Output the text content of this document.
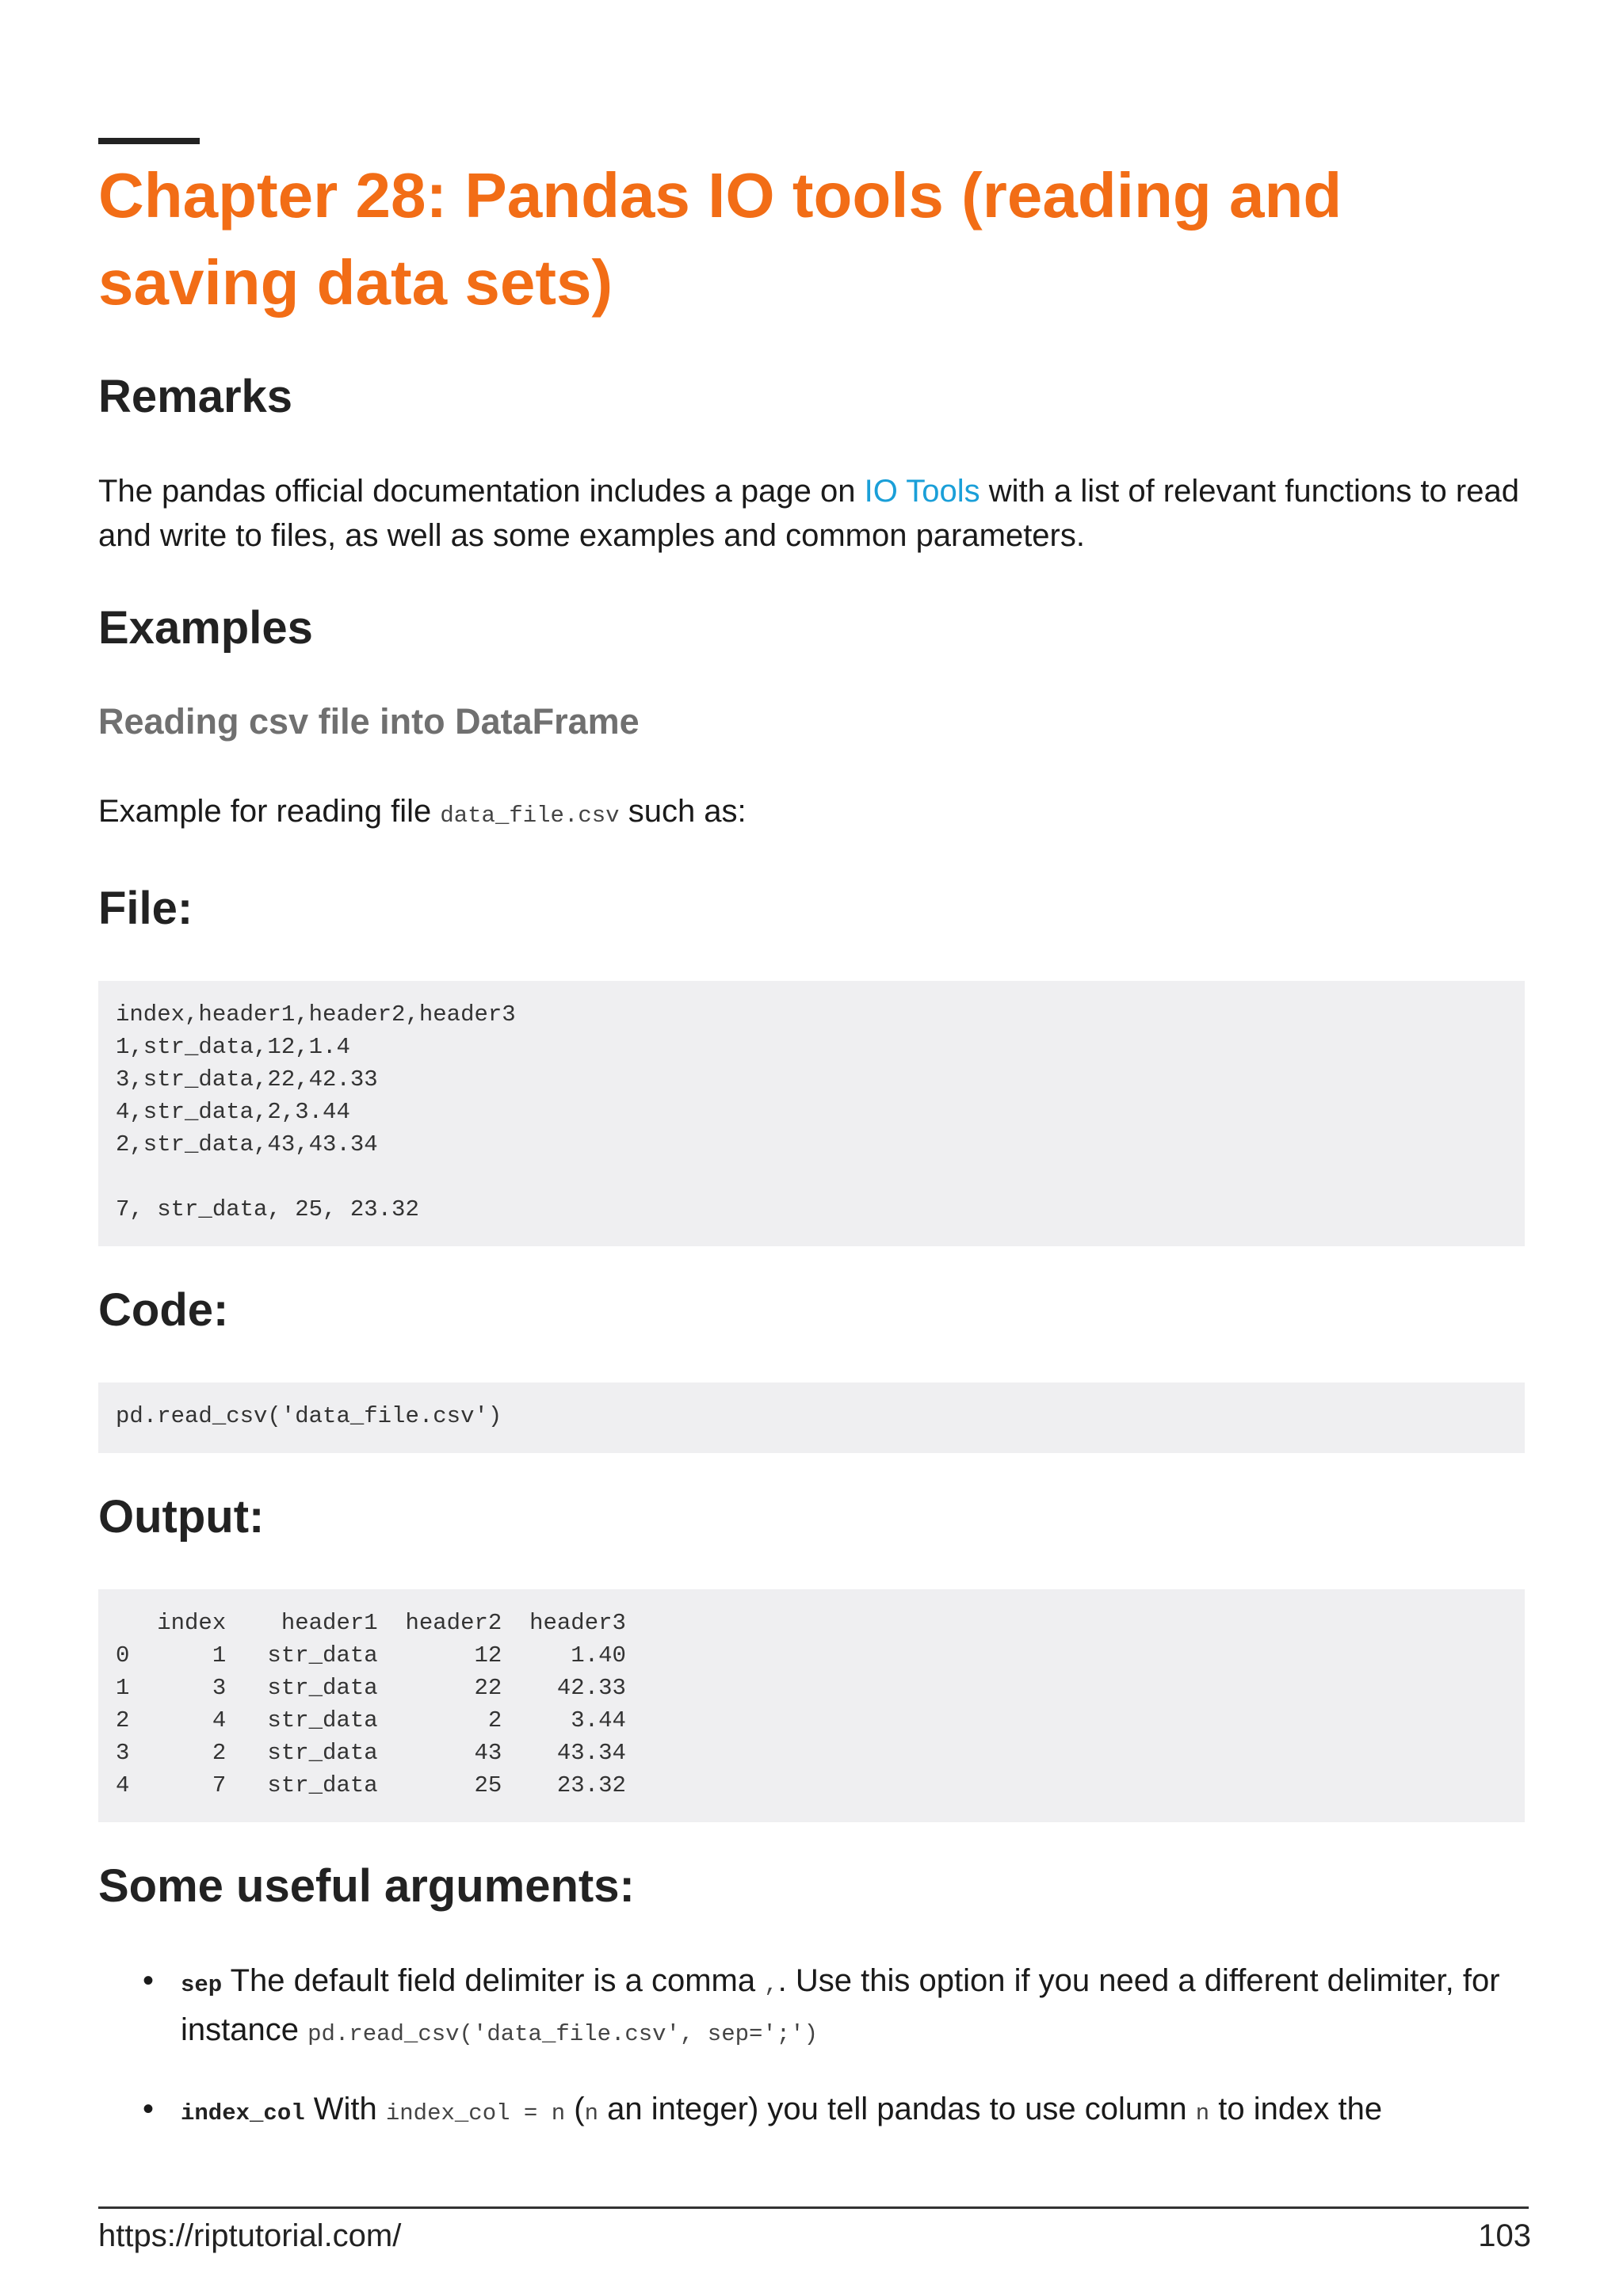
Chapter 28: Pandas IO tools (reading and saving data sets)
Remarks

The pandas official documentation includes a page on IO Tools with a list of relevant functions to read and write to files, as well as some examples and common parameters.

Examples
Reading csv file into DataFrame

Example for reading file data_file.csv such as:

File:
index,header1,header2,header3
1,str_data,12,1.4
3,str_data,22,42.33
4,str_data,2,3.44
2,str_data,43,43.34

7, str_data, 25, 23.32
Code:
pd.read_csv('data_file.csv')
Output:
index    header1  header2  header3
0      1   str_data       12     1.40
1      3   str_data       22    42.33
2      4   str_data        2     3.44
3      2   str_data       43    43.34
4      7   str_data       25    23.32
Some useful arguments:
• sep The default field delimiter is a comma ,. Use this option if you need a different delimiter, for instance pd.read_csv('data_file.csv', sep=';')
• index_col With index_col = n (n an integer) you tell pandas to use column n to index the
https://riptutorial.com/	103
